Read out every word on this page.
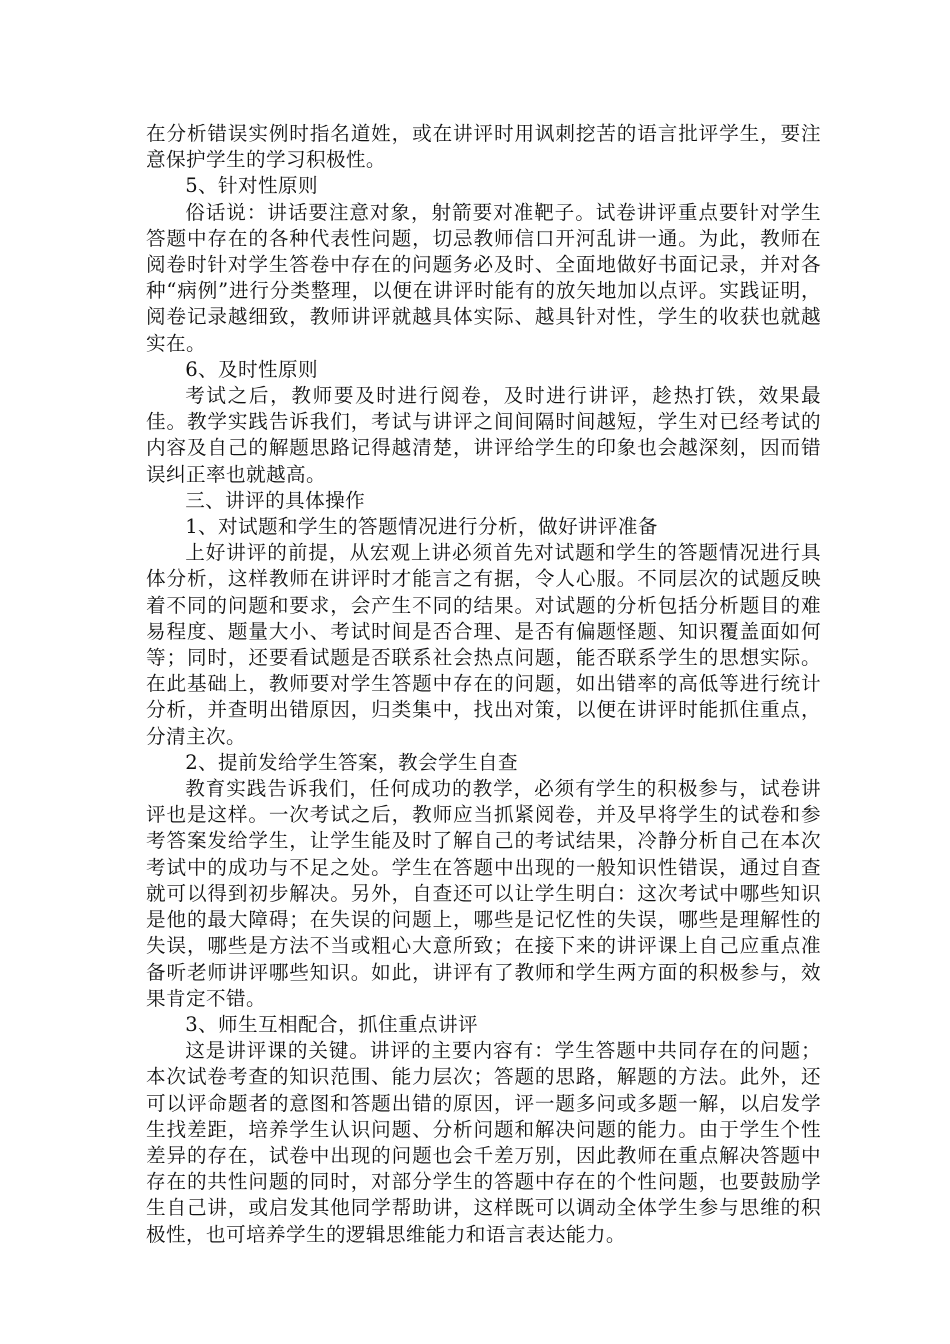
在分析错误实例时指名道姓，或在讲评时用讽刺挖苦的语言批评学生，要注意保护学生的学习积极性。

5、针对性原则

俗话说：讲话要注意对象，射箭要对准靶子。试卷讲评重点要针对学生答题中存在的各种代表性问题，切忌教师信口开河乱讲一通。为此，教师在阅卷时针对学生答卷中存在的问题务必及时、全面地做好书面记录，并对各种“病例”进行分类整理，以便在讲评时能有的放矢地加以点评。实践证明，阅卷记录越细致，教师讲评就越具体实际、越具针对性，学生的收获也就越实在。

6、及时性原则

考试之后，教师要及时进行阅卷，及时进行讲评，趁热打铁，效果最佳。教学实践告诉我们，考试与讲评之间间隔时间越短，学生对已经考试的内容及自己的解题思路记得越清楚，讲评给学生的印象也会越深刻，因而错误纠正率也就越高。

三、讲评的具体操作

1、对试题和学生的答题情况进行分析，做好讲评准备

上好讲评的前提，从宏观上讲必须首先对试题和学生的答题情况进行具体分析，这样教师在讲评时才能言之有据，令人心服。不同层次的试题反映着不同的问题和要求，会产生不同的结果。对试题的分析包括分析题目的难易程度、题量大小、考试时间是否合理、是否有偏题怪题、知识覆盖面如何等；同时，还要看试题是否联系社会热点问题，能否联系学生的思想实际。在此基础上，教师要对学生答题中存在的问题，如出错率的高低等进行统计分析，并查明出错原因，归类集中，找出对策，以便在讲评时能抓住重点，分清主次。

2、提前发给学生答案，教会学生自查

教育实践告诉我们，任何成功的教学，必须有学生的积极参与，试卷讲评也是这样。一次考试之后，教师应当抓紧阅卷，并及早将学生的试卷和参考答案发给学生，让学生能及时了解自己的考试结果，冷静分析自己在本次考试中的成功与不足之处。学生在答题中出现的一般知识性错误，通过自查就可以得到初步解决。另外，自查还可以让学生明白：这次考试中哪些知识是他的最大障碍；在失误的问题上，哪些是记忆性的失误，哪些是理解性的失误，哪些是方法不当或粗心大意所致；在接下来的讲评课上自己应重点准备听老师讲评哪些知识。如此，讲评有了教师和学生两方面的积极参与，效果肯定不错。

3、师生互相配合，抓住重点讲评

这是讲评课的关键。讲评的主要内容有：学生答题中共同存在的问题；本次试卷考查的知识范围、能力层次；答题的思路，解题的方法。此外，还可以评命题者的意图和答题出错的原因，评一题多问或多题一解，以启发学生找差距，培养学生认识问题、分析问题和解决问题的能力。由于学生个性差异的存在，试卷中出现的问题也会千差万别，因此教师在重点解决答题中存在的共性问题的同时，对部分学生的答题中存在的个性问题，也要鼓励学生自己讲，或启发其他同学帮助讲，这样既可以调动全体学生参与思维的积极性，也可培养学生的逻辑思维能力和语言表达能力。
